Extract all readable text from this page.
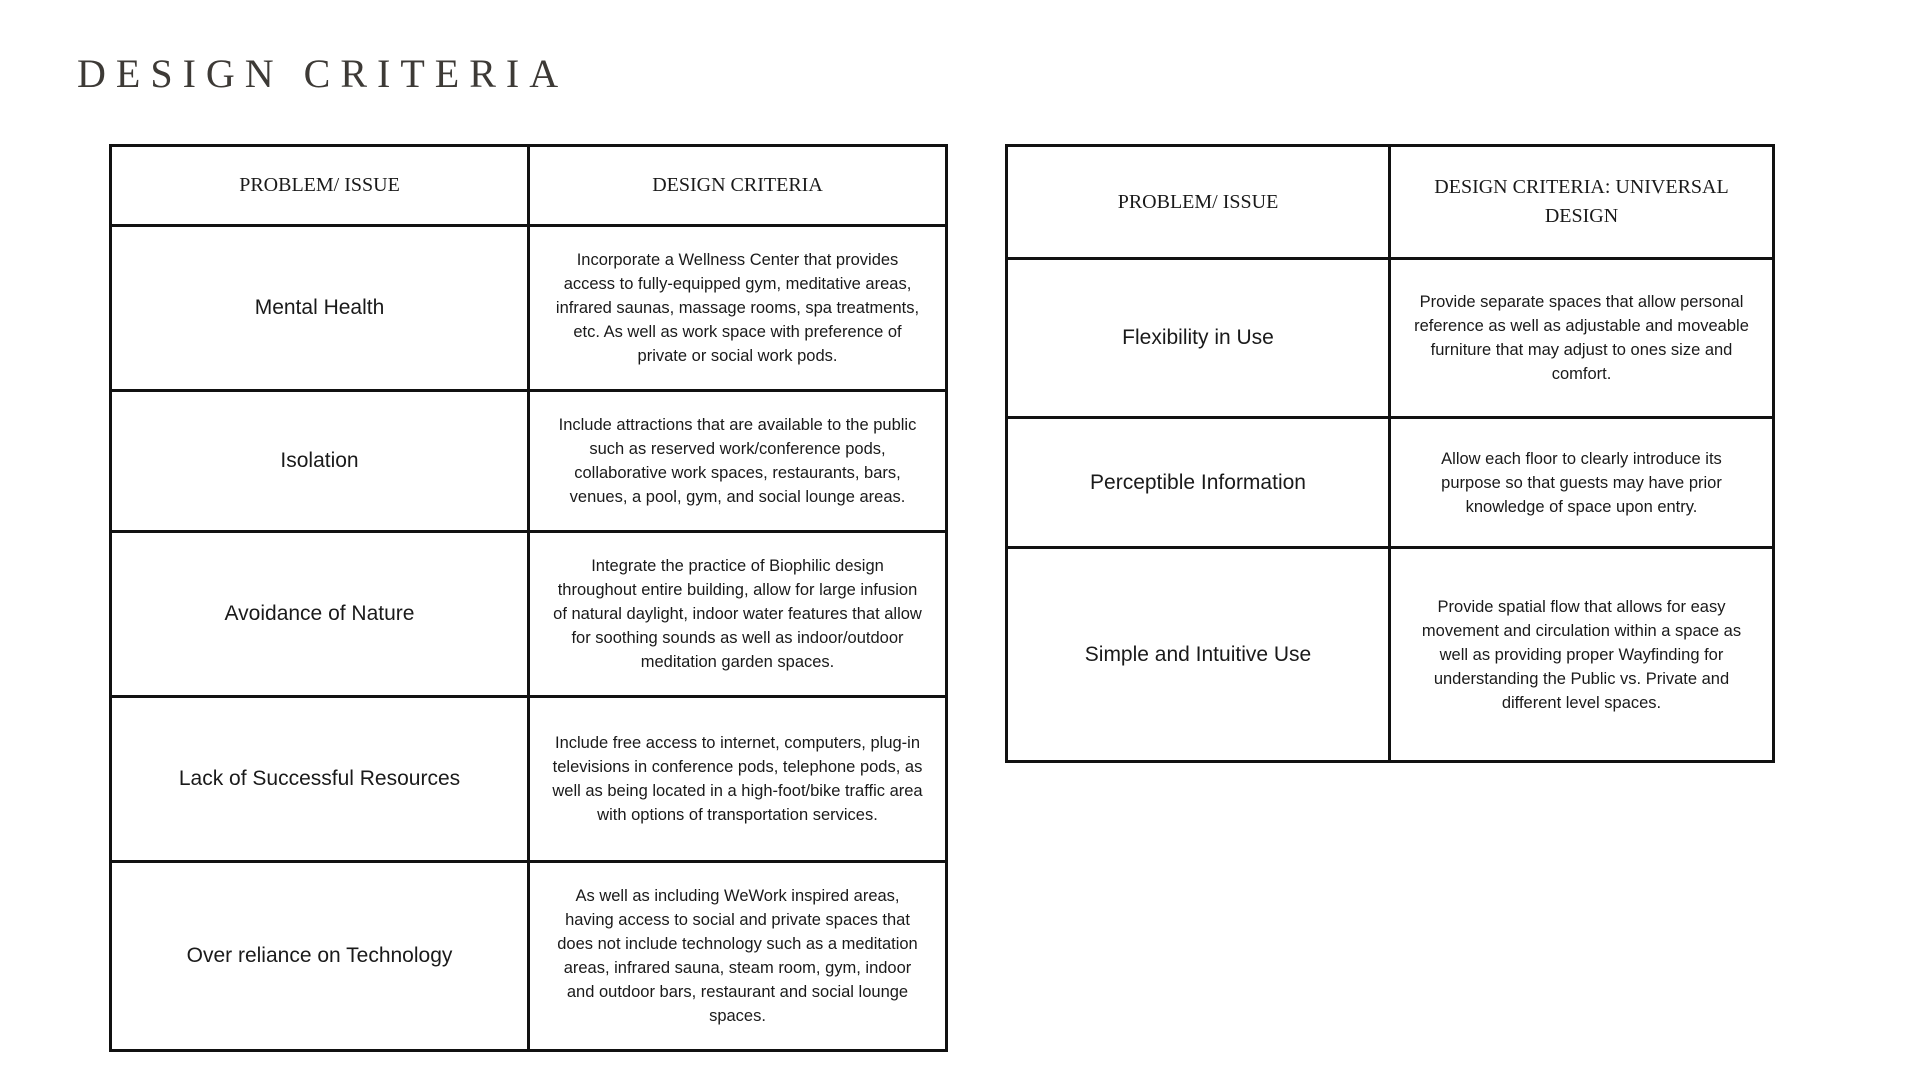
DESIGN CRITERIA
PROBLEM/ ISSUE	DESIGN CRITERIA
Mental Health	Incorporate a Wellness Center that provides access to fully-equipped gym, meditative areas, infrared saunas, massage rooms, spa treatments, etc. As well as work space with preference of private or social work pods.
Isolation	Include attractions that are available to the public such as reserved work/conference pods, collaborative work spaces, restaurants, bars, venues, a pool, gym, and social lounge areas.
Avoidance of Nature	Integrate the practice of Biophilic design throughout entire building, allow for large infusion of natural daylight, indoor water features that allow for soothing sounds as well as indoor/outdoor meditation garden spaces.
Lack of Successful Resources	Include free access to internet, computers, plug-in televisions in conference pods, telephone pods, as well as being located in a high-foot/bike traffic area with options of transportation services.
Over reliance on Technology	As well as including WeWork inspired areas, having access to social and private spaces that does not include technology such as a meditation areas, infrared sauna, steam room, gym, indoor and outdoor bars, restaurant and social lounge spaces.
PROBLEM/ ISSUE	DESIGN CRITERIA: UNIVERSAL DESIGN
Flexibility in Use	Provide separate spaces that allow personal reference as well as adjustable and moveable furniture that may adjust to ones size and comfort.
Perceptible Information	Allow each floor to clearly introduce its purpose so that guests may have prior knowledge of space upon entry.
Simple and Intuitive Use	Provide spatial flow that allows for easy movement and circulation within a space as well as providing proper Wayfinding for understanding the Public vs. Private and different level spaces.
